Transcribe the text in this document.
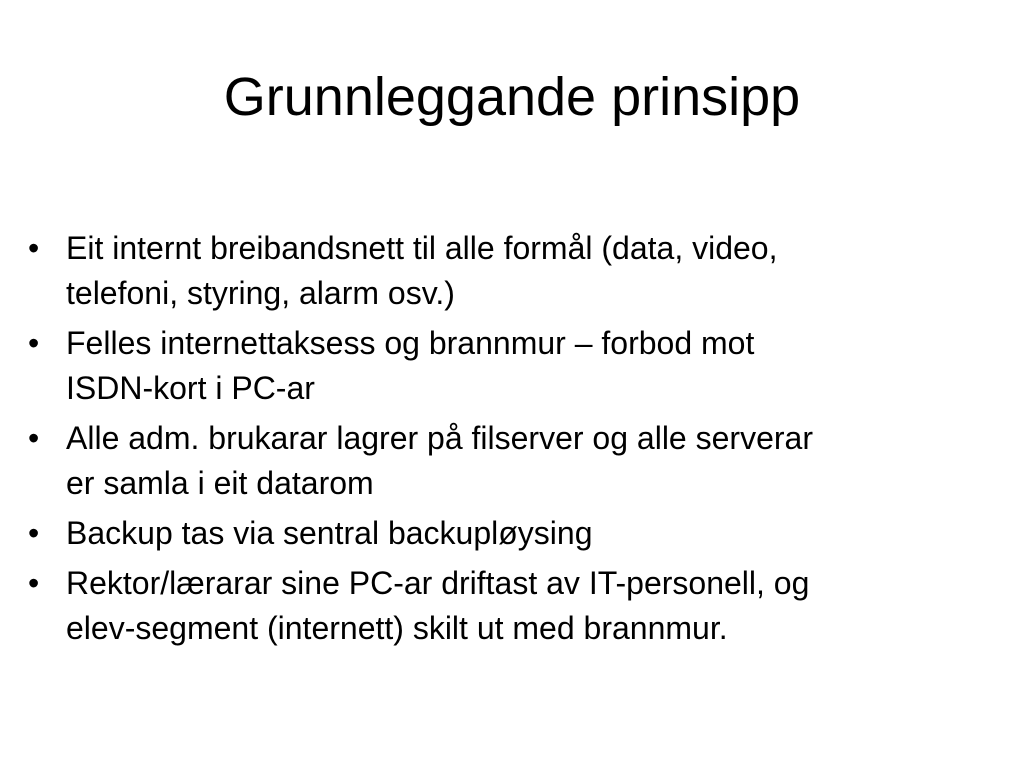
Grunnleggande prinsipp
• Eit internt breibandsnett til alle formål (data, video,
telefoni, styring, alarm osv.)
• Felles internettaksess og brannmur – forbod mot
ISDN-kort i PC-ar
• Alle adm. brukarar lagrer på filserver og alle serverar
er samla i eit datarom
• Backup tas via sentral backupløysing
• Rektor/lærarar sine PC-ar driftast av IT-personell, og
elev-segment (internett) skilt ut med brannmur.
